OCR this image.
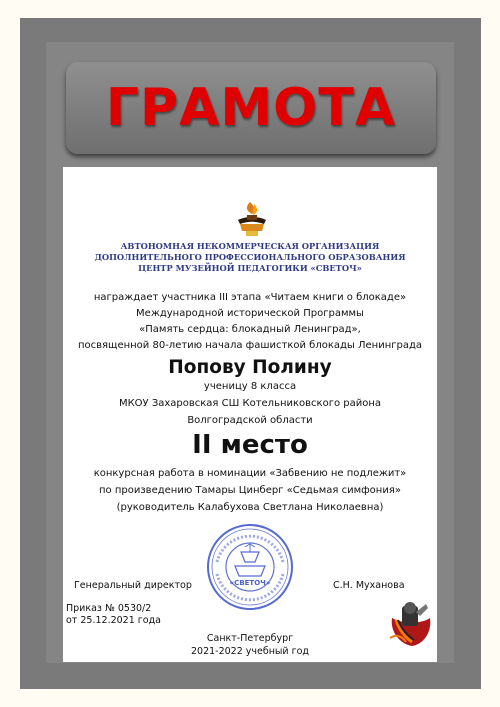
ГРАМОТА
АВТОНОМНАЯ НЕКОММЕРЧЕСКАЯ ОРГАНИЗАЦИЯ
ДОПОЛНИТЕЛЬНОГО ПРОФЕССИОНАЛЬНОГО ОБРАЗОВАНИЯ
ЦЕНТР МУЗЕЙНОЙ ПЕДАГОГИКИ «СВЕТОЧ»
награждает участника III этапа «Читаем книги о блокаде»
Международной исторической Программы
«Память сердца: блокадный Ленинград»,
посвященной 80-летию начала фашисткой блокады Ленинграда
Попову Полину
ученицу 8 класса
МКОУ Захаровская СШ Котельниковского района
Волгоградской области
II место
конкурсная работа в номинации «Забвению не подлежит»
по произведению Тамары Цинберг «Седьмая симфония»
(руководитель Калабухова Светлана Николаевна)
«СВЕТОЧ»
Генеральный директор	С.Н. Муханова
Приказ № 0530/2
от 25.12.2021 года
Санкт-Петербург
2021-2022 учебный год
